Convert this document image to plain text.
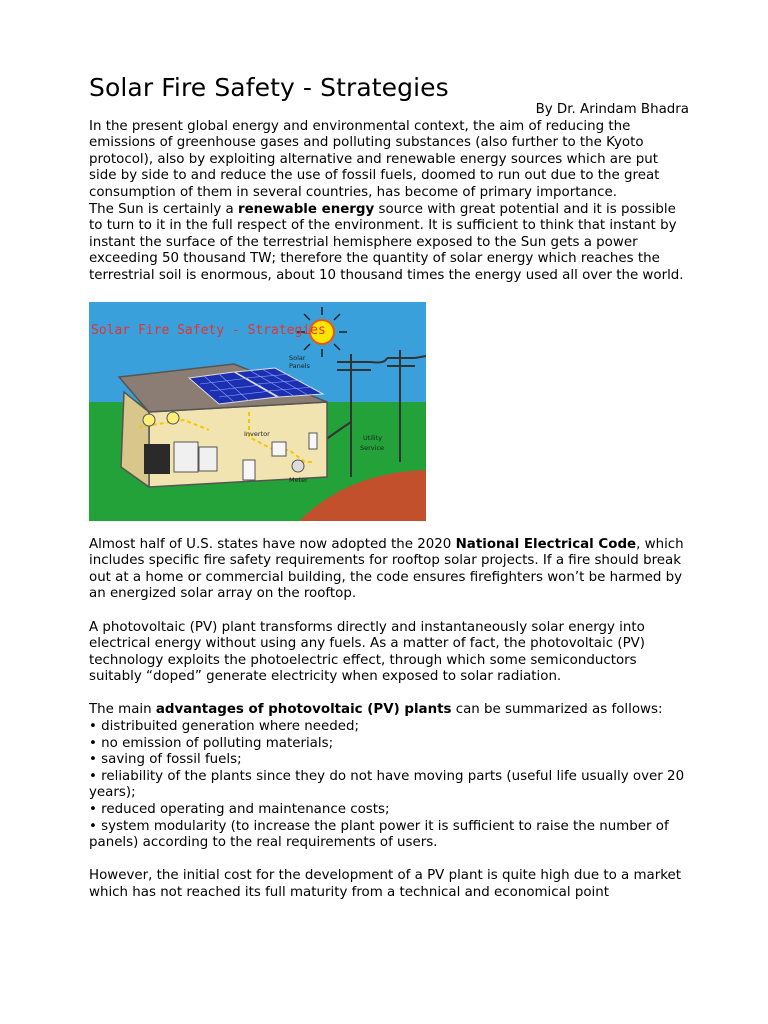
Solar Fire Safety - Strategies
By Dr. Arindam Bhadra

In the present global energy and environmental context, the aim of reducing the emissions of greenhouse gases and polluting substances (also further to the Kyoto protocol), also by exploiting alternative and renewable energy sources which are put side by side to and reduce the use of fossil fuels, doomed to run out due to the great consumption of them in several countries, has become of primary importance.

The Sun is certainly a renewable energy source with great potential and it is possible to turn to it in the full respect of the environment. It is sufficient to think that instant by instant the surface of the terrestrial hemisphere exposed to the Sun gets a power exceeding 50 thousand TW; therefore the quantity of solar energy which reaches the terrestrial soil is enormous, about 10 thousand times the energy used all over the world.

Solar Fire Safety - Strategies
Solar
Panels
Invertor
Meter
Utility
Service

Almost half of U.S. states have now adopted the 2020 National Electrical Code, which includes specific fire safety requirements for rooftop solar projects. If a fire should break out at a home or commercial building, the code ensures firefighters won’t be harmed by an energized solar array on the rooftop.

A photovoltaic (PV) plant transforms directly and instantaneously solar energy into electrical energy without using any fuels. As a matter of fact, the photovoltaic (PV) technology exploits the photoelectric effect, through which some semiconductors suitably “doped” generate electricity when exposed to solar radiation.

The main advantages of photovoltaic (PV) plants can be summarized as follows:

• distribuited generation where needed;
• no emission of polluting materials;
• saving of fossil fuels;
• reliability of the plants since they do not have moving parts (useful life usually over 20 years);
• reduced operating and maintenance costs;
• system modularity (to increase the plant power it is sufficient to raise the number of panels) according to the real requirements of users.

However, the initial cost for the development of a PV plant is quite high due to a market which has not reached its full maturity from a technical and economical point
